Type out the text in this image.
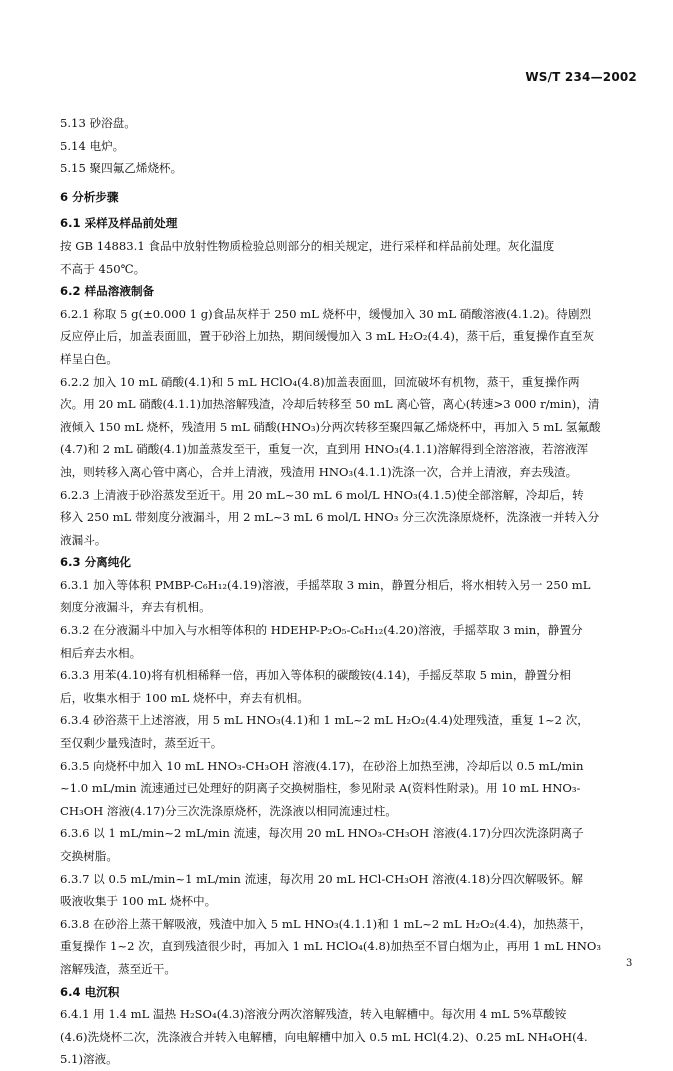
WS/T 234—2002
5.13 砂浴盘。
5.14 电炉。
5.15 聚四氟乙烯烧杯。
6 分析步骤
6.1 采样及样品前处理
按 GB 14883.1 食品中放射性物质检验总则部分的相关规定，进行采样和样品前处理。灰化温度
不高于 450℃。
6.2 样品溶液制备
6.2.1 称取 5 g(±0.000 1 g)食品灰样于 250 mL 烧杯中，缓慢加入 30 mL 硝酸溶液(4.1.2)。待剧烈
反应停止后，加盖表面皿，置于砂浴上加热，期间缓慢加入 3 mL H₂O₂(4.4)，蒸干后，重复操作直至灰
样呈白色。
6.2.2 加入 10 mL 硝酸(4.1)和 5 mL HClO₄(4.8)加盖表面皿，回流破坏有机物，蒸干，重复操作两
次。用 20 mL 硝酸(4.1.1)加热溶解残渣，冷却后转移至 50 mL 离心管，离心(转速>3 000 r/min)，清
液倾入 150 mL 烧杯，残渣用 5 mL 硝酸(HNO₃)分两次转移至聚四氟乙烯烧杯中，再加入 5 mL 氢氟酸
(4.7)和 2 mL 硝酸(4.1)加盖蒸发至干，重复一次，直到用 HNO₃(4.1.1)溶解得到全溶溶液，若溶液浑
浊，则转移入离心管中离心，合并上清液，残渣用 HNO₃(4.1.1)洗涤一次，合并上清液，弃去残渣。
6.2.3 上清液于砂浴蒸发至近干。用 20 mL~30 mL 6 mol/L HNO₃(4.1.5)使全部溶解，冷却后，转
移入 250 mL 带刻度分液漏斗，用 2 mL~3 mL 6 mol/L HNO₃ 分三次洗涤原烧杯，洗涤液一并转入分
液漏斗。
6.3 分离纯化
6.3.1 加入等体积 PMBP-C₆H₁₂(4.19)溶液，手摇萃取 3 min，静置分相后，将水相转入另一 250 mL
刻度分液漏斗，弃去有机相。
6.3.2 在分液漏斗中加入与水相等体积的 HDEHP-P₂O₅-C₆H₁₂(4.20)溶液，手摇萃取 3 min，静置分
相后弃去水相。
6.3.3 用苯(4.10)将有机相稀释一倍，再加入等体积的碳酸铵(4.14)，手摇反萃取 5 min，静置分相
后，收集水相于 100 mL 烧杯中，弃去有机相。
6.3.4 砂浴蒸干上述溶液，用 5 mL HNO₃(4.1)和 1 mL~2 mL H₂O₂(4.4)处理残渣，重复 1~2 次，
至仅剩少量残渣时，蒸至近干。
6.3.5 向烧杯中加入 10 mL HNO₃-CH₃OH 溶液(4.17)，在砂浴上加热至沸，冷却后以 0.5 mL/min
~1.0 mL/min 流速通过已处理好的阴离子交换树脂柱，参见附录 A(资料性附录)。用 10 mL HNO₃-
CH₃OH 溶液(4.17)分三次洗涤原烧杯，洗涤液以相同流速过柱。
6.3.6 以 1 mL/min~2 mL/min 流速，每次用 20 mL HNO₃-CH₃OH 溶液(4.17)分四次洗涤阴离子
交换树脂。
6.3.7 以 0.5 mL/min~1 mL/min 流速，每次用 20 mL HCl-CH₃OH 溶液(4.18)分四次解吸钚。解
吸液收集于 100 mL 烧杯中。
6.3.8 在砂浴上蒸干解吸液，残渣中加入 5 mL HNO₃(4.1.1)和 1 mL~2 mL H₂O₂(4.4)，加热蒸干，
重复操作 1~2 次，直到残渣很少时，再加入 1 mL HClO₄(4.8)加热至不冒白烟为止，再用 1 mL HNO₃
溶解残渣，蒸至近干。
6.4 电沉积
6.4.1 用 1.4 mL 温热 H₂SO₄(4.3)溶液分两次溶解残渣，转入电解槽中。每次用 4 mL 5%草酸铵
(4.6)洗烧杯二次，洗涤液合并转入电解槽，向电解槽中加入 0.5 mL HCl(4.2)、0.25 mL NH₄OH(4.
5.1)溶液。
3
